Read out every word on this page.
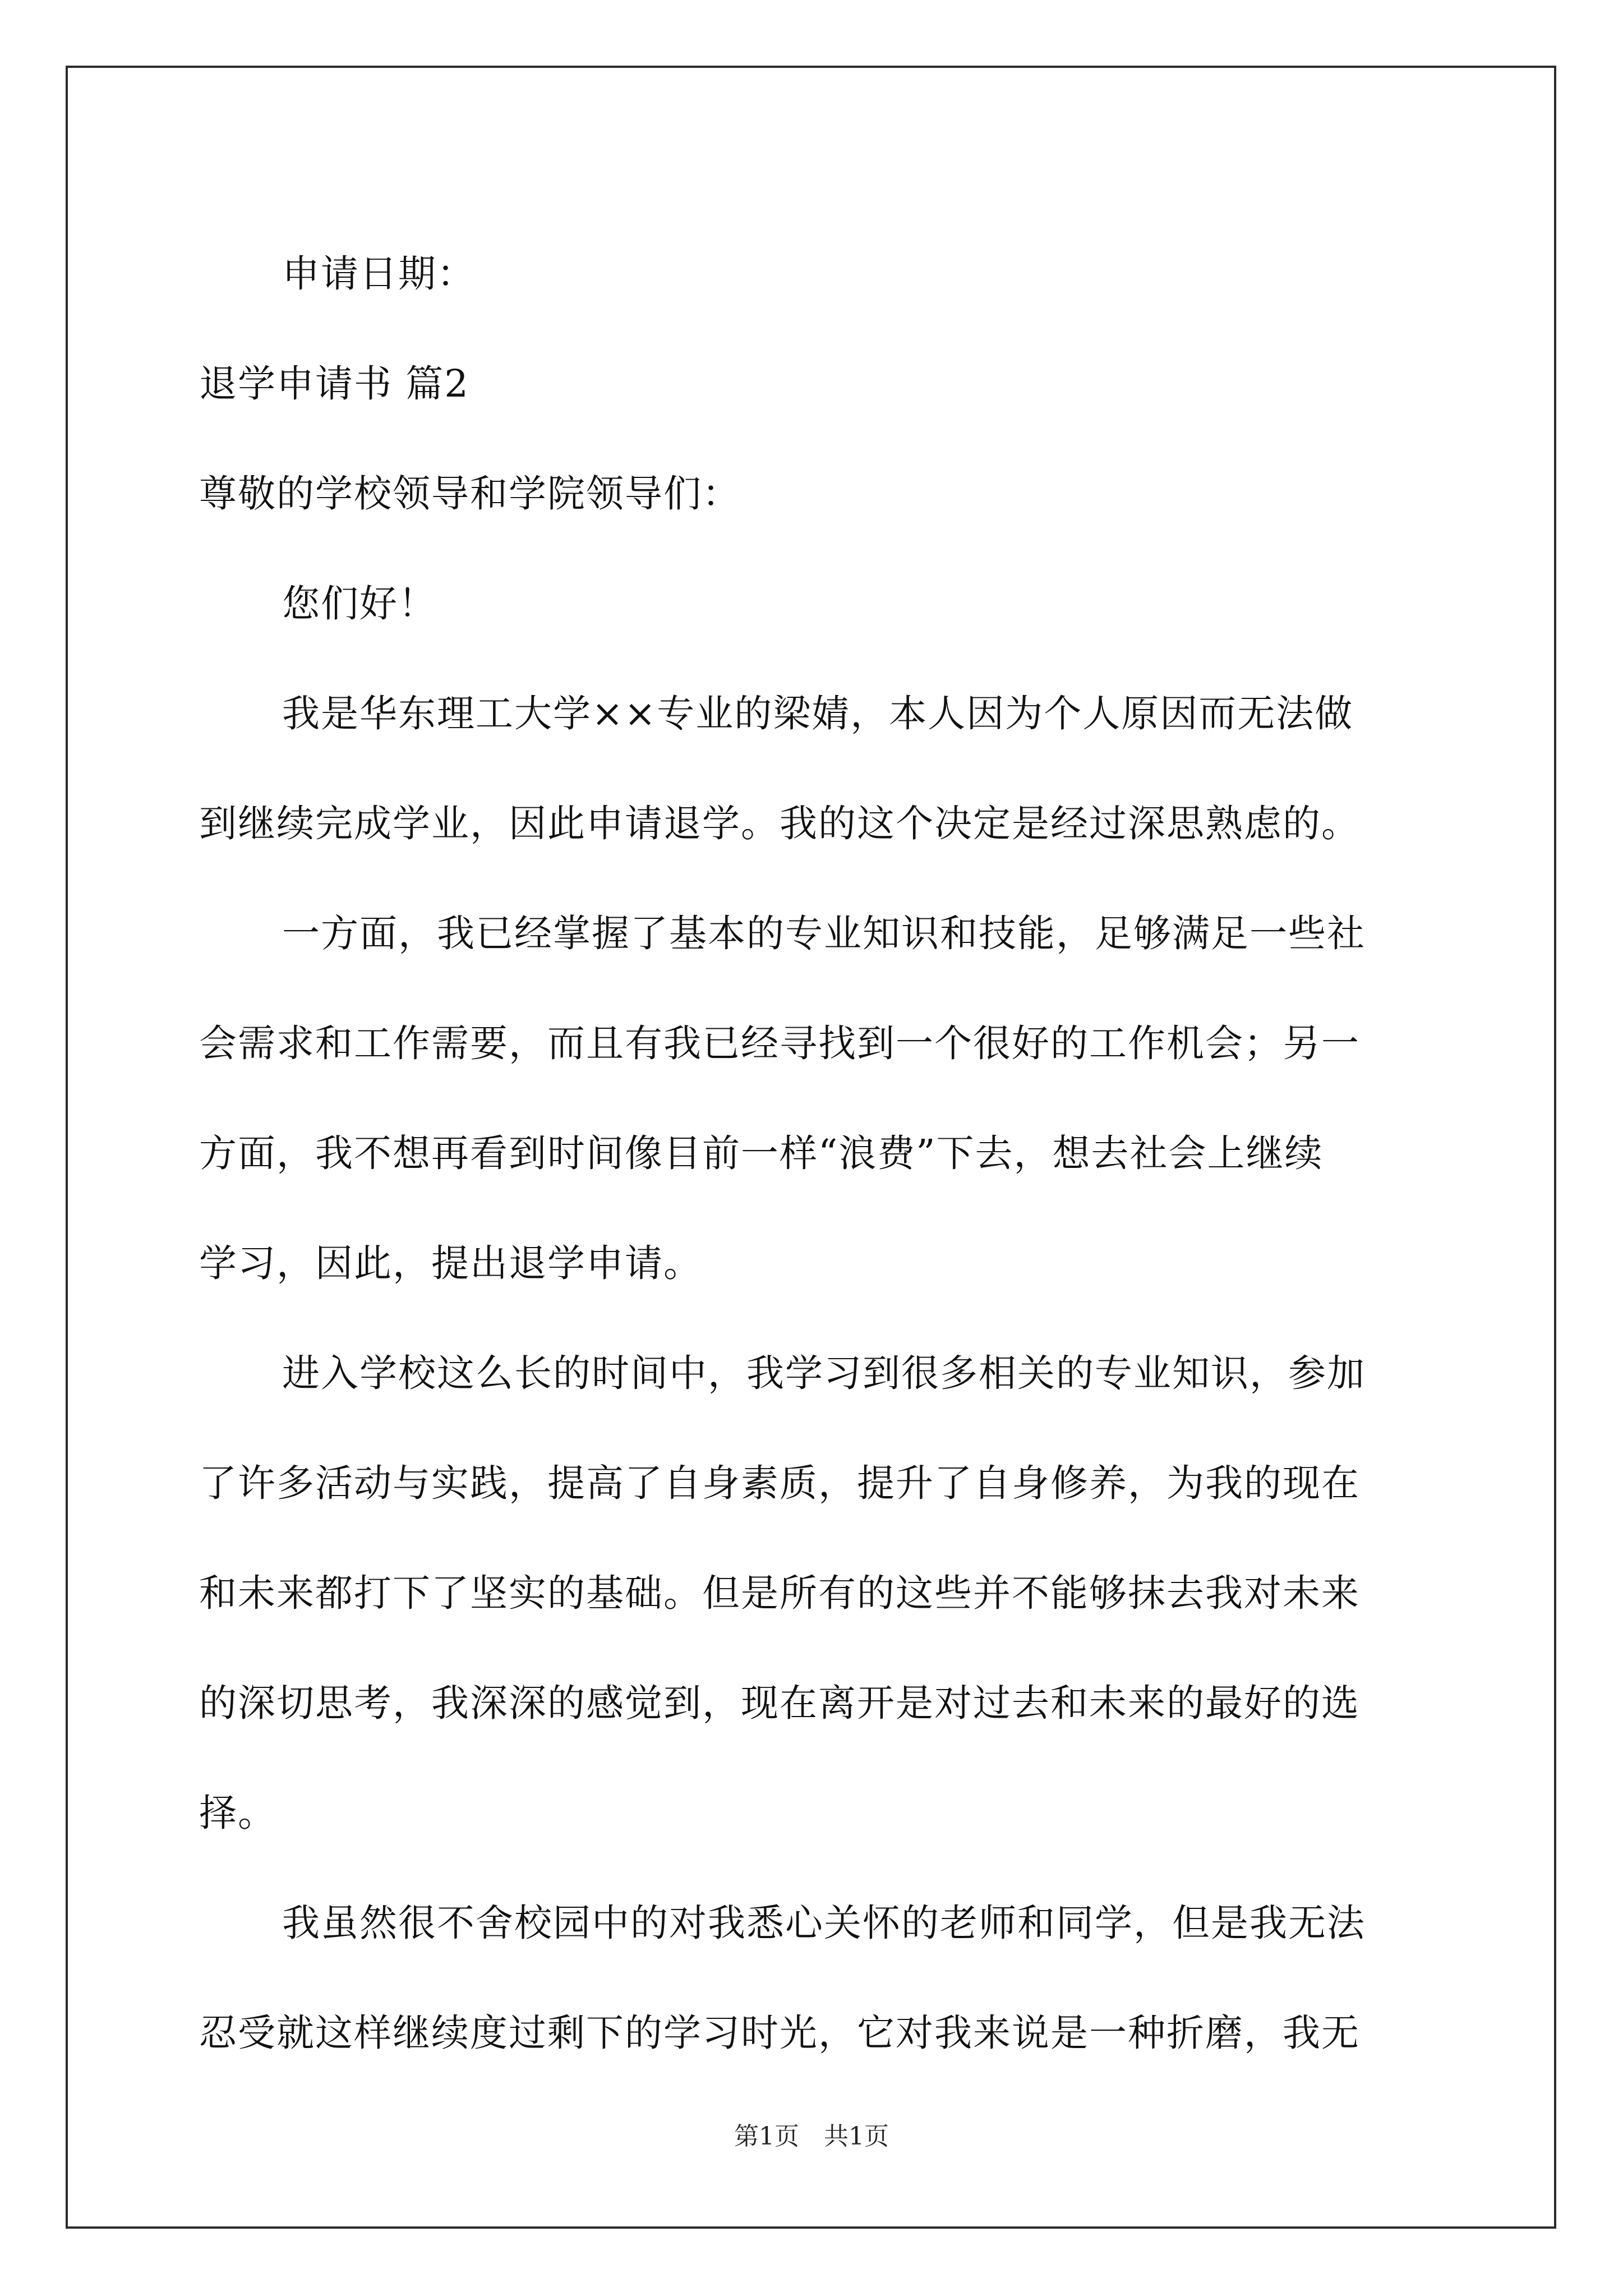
申请日期：

退学申请书 篇2

尊敬的学校领导和学院领导们：

您们好！

我是华东理工大学××专业的梁婧，本人因为个人原因而无法做

到继续完成学业，因此申请退学。我的这个决定是经过深思熟虑的。

一方面，我已经掌握了基本的专业知识和技能，足够满足一些社

会需求和工作需要，而且有我已经寻找到一个很好的工作机会；另一

方面，我不想再看到时间像目前一样“浪费”下去，想去社会上继续

学习，因此，提出退学申请。

进入学校这么长的时间中，我学习到很多相关的专业知识，参加

了许多活动与实践，提高了自身素质，提升了自身修养，为我的现在

和未来都打下了坚实的基础。但是所有的这些并不能够抹去我对未来

的深切思考，我深深的感觉到，现在离开是对过去和未来的最好的选

择。

我虽然很不舍校园中的对我悉心关怀的老师和同学，但是我无法

忍受就这样继续度过剩下的学习时光，它对我来说是一种折磨，我无

第1页　共1页
